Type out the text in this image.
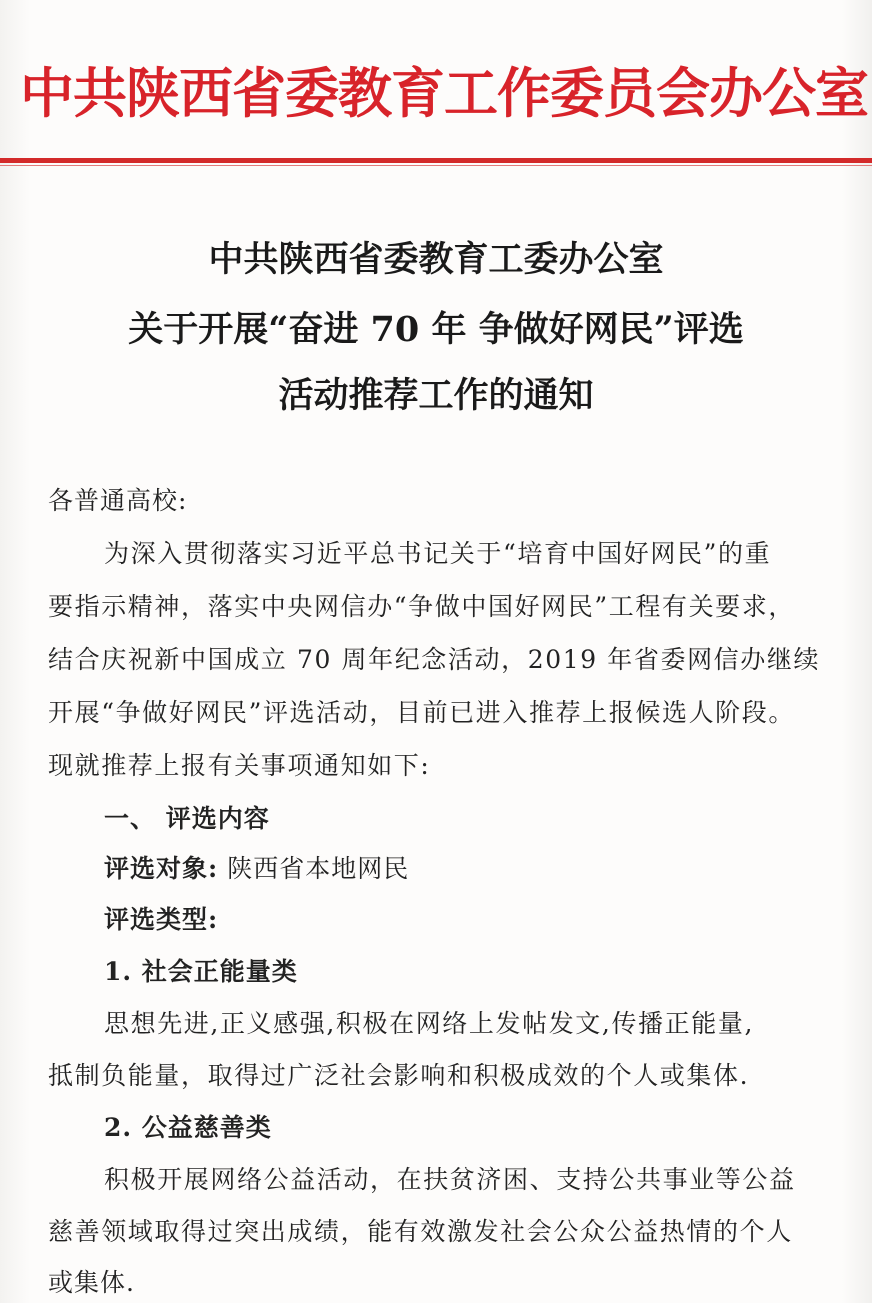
中共陕西省委教育工作委员会办公室
中共陕西省委教育工委办公室
关于开展“奋进 70 年 争做好网民”评选
活动推荐工作的通知
各普通高校:
为深入贯彻落实习近平总书记关于“培育中国好网民”的重
要指示精神，落实中央网信办“争做中国好网民”工程有关要求，
结合庆祝新中国成立 70 周年纪念活动，2019 年省委网信办继续
开展“争做好网民”评选活动，目前已进入推荐上报候选人阶段。
现就推荐上报有关事项通知如下:
一、 评选内容
评选对象: 陕西省本地网民
评选类型:
1. 社会正能量类
思想先进,正义感强,积极在网络上发帖发文,传播正能量,
抵制负能量，取得过广泛社会影响和积极成效的个人或集体.
2. 公益慈善类
积极开展网络公益活动，在扶贫济困、支持公共事业等公益
慈善领域取得过突出成绩，能有效激发社会公众公益热情的个人
或集体.
